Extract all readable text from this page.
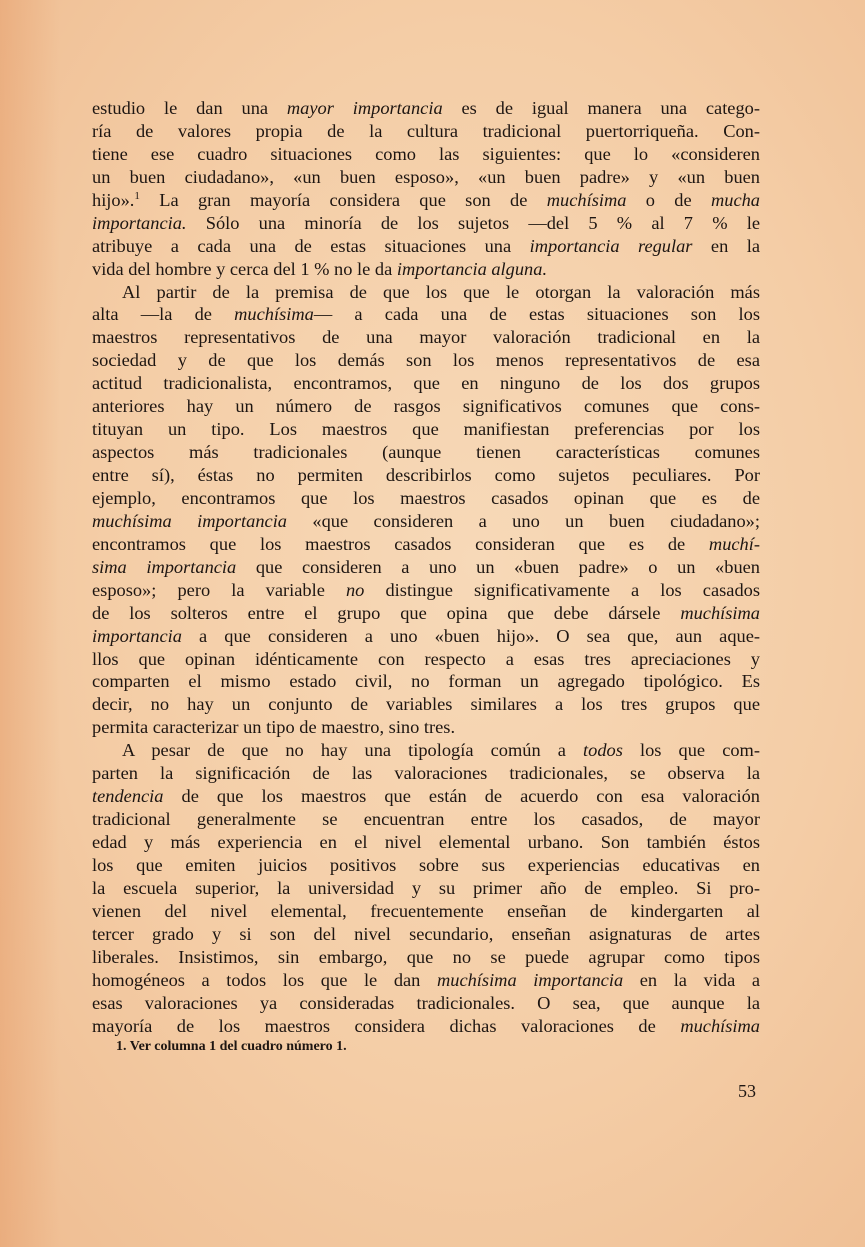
estudio le dan una mayor importancia es de igual manera una catego-
ría de valores propia de la cultura tradicional puertorriqueña. Con-
tiene ese cuadro situaciones como las siguientes: que lo «consideren
un buen ciudadano», «un buen esposo», «un buen padre» y «un buen
hijo».$^1$ La gran mayoría considera que son de muchísima o de mucha
importancia. Sólo una minoría de los sujetos —del 5 % al 7 % le
atribuye a cada una de estas situaciones una importancia regular en la
vida del hombre y cerca del 1 % no le da importancia alguna.
Al partir de la premisa de que los que le otorgan la valoración más
alta —la de muchísima— a cada una de estas situaciones son los
maestros representativos de una mayor valoración tradicional en la
sociedad y de que los demás son los menos representativos de esa
actitud tradicionalista, encontramos, que en ninguno de los dos grupos
anteriores hay un número de rasgos significativos comunes que cons-
tituyan un tipo. Los maestros que manifiestan preferencias por los
aspectos más tradicionales (aunque tienen características comunes
entre sí), éstas no permiten describirlos como sujetos peculiares. Por
ejemplo, encontramos que los maestros casados opinan que es de
muchísima importancia «que consideren a uno un buen ciudadano»;
encontramos que los maestros casados consideran que es de muchí-
sima importancia que consideren a uno un «buen padre» o un «buen
esposo»; pero la variable no distingue significativamente a los casados
de los solteros entre el grupo que opina que debe dársele muchísima
importancia a que consideren a uno «buen hijo». O sea que, aun aque-
llos que opinan idénticamente con respecto a esas tres apreciaciones y
comparten el mismo estado civil, no forman un agregado tipológico. Es
decir, no hay un conjunto de variables similares a los tres grupos que
permita caracterizar un tipo de maestro, sino tres.
A pesar de que no hay una tipología común a todos los que com-
parten la significación de las valoraciones tradicionales, se observa la
tendencia de que los maestros que están de acuerdo con esa valoración
tradicional generalmente se encuentran entre los casados, de mayor
edad y más experiencia en el nivel elemental urbano. Son también éstos
los que emiten juicios positivos sobre sus experiencias educativas en
la escuela superior, la universidad y su primer año de empleo. Si pro-
vienen del nivel elemental, frecuentemente enseñan de kindergarten al
tercer grado y si son del nivel secundario, enseñan asignaturas de artes
liberales. Insistimos, sin embargo, que no se puede agrupar como tipos
homogéneos a todos los que le dan muchísima importancia en la vida a
esas valoraciones ya consideradas tradicionales. O sea, que aunque la
mayoría de los maestros considera dichas valoraciones de muchísima
1. Ver columna 1 del cuadro número 1.
53
